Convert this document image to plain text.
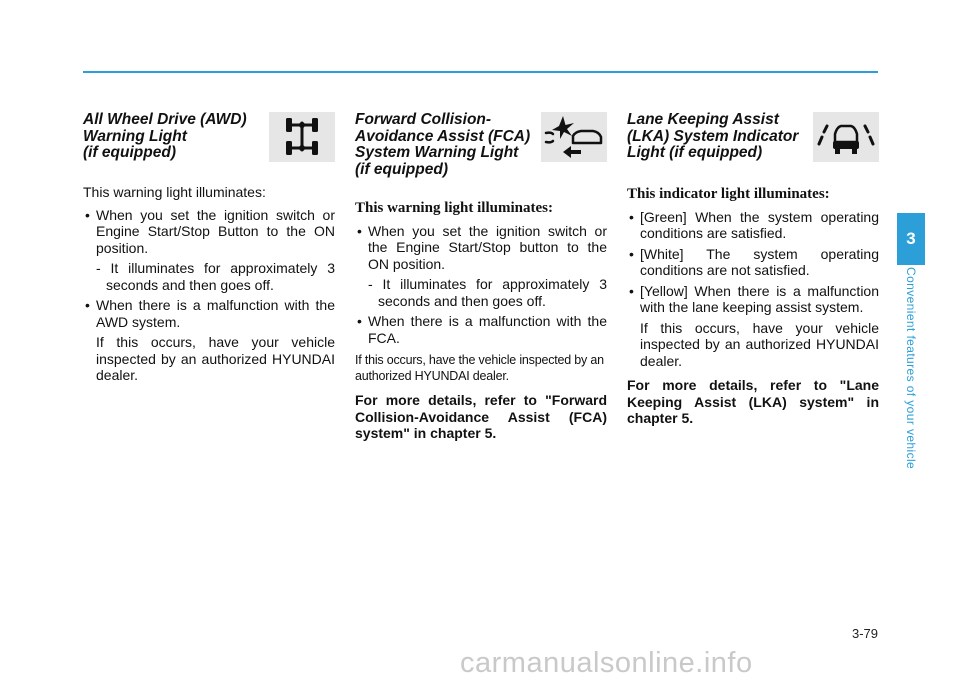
All Wheel Drive (AWD)
Warning Light
(if equipped)

This warning light illuminates:

• When you set the ignition switch or Engine Start/Stop Button to the ON position.
- It illuminates for approximately 3 seconds and then goes off.
• When there is a malfunction with the AWD system.
If this occurs, have your vehicle inspected by an authorized HYUNDAI dealer.
Forward Collision-
Avoidance Assist (FCA)
System Warning Light
(if equipped)

This warning light illuminates:

• When you set the ignition switch or the Engine Start/Stop button to the ON position.
- It illuminates for approximately 3 seconds and then goes off.
• When there is a malfunction with the FCA.

If this occurs, have the vehicle inspected by an authorized HYUNDAI dealer.

For more details, refer to "Forward Collision-Avoidance Assist (FCA) system" in chapter 5.

Lane Keeping Assist
(LKA) System Indicator
Light (if equipped)

This indicator light illuminates:

• [Green] When the system operating conditions are satisfied.
• [White] The system operating conditions are not satisfied.
• [Yellow] When there is a malfunction with the lane keeping assist system.
If this occurs, have your vehicle inspected by an authorized HYUNDAI dealer.

For more details, refer to "Lane Keeping Assist (LKA) system" in chapter 5.

3
Convenient features of your vehicle
3-79
carmanualsonline.info
